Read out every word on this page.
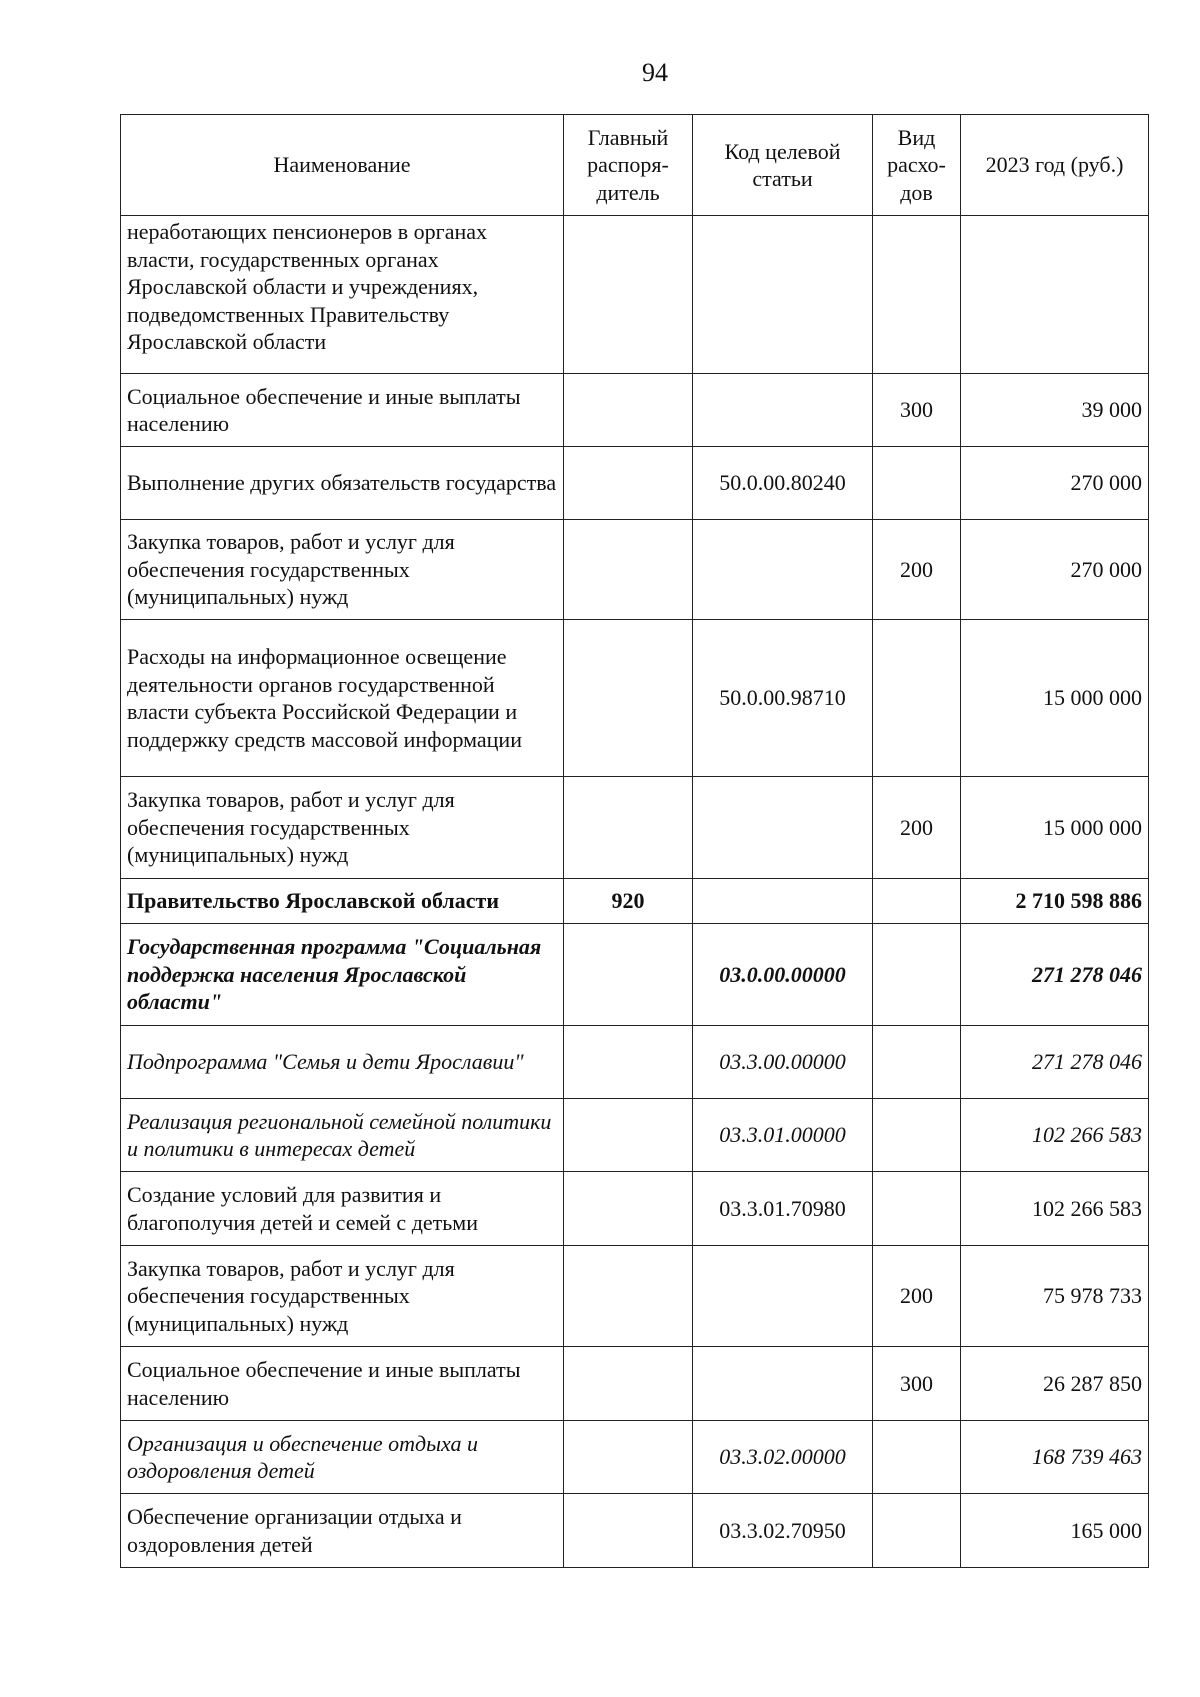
94
Наименование	Главный распоря-дитель	Код целевой статьи	Вид расхо-дов	2023 год (руб.)
неработающих пенсионеров в органах власти, государственных органах Ярославской области и учреждениях, подведомственных Правительству Ярославской области				
Социальное обеспечение и иные выплаты населению			300	39 000
Выполнение других обязательств государства		50.0.00.80240		270 000
Закупка товаров, работ и услуг для обеспечения государственных (муниципальных) нужд			200	270 000
Расходы на информационное освещение деятельности органов государственной власти субъекта Российской Федерации и поддержку средств массовой информации		50.0.00.98710		15 000 000
Закупка товаров, работ и услуг для обеспечения государственных (муниципальных) нужд			200	15 000 000
Правительство Ярославской области	920			2 710 598 886
Государственная программа "Социальная поддержка населения Ярославской области"		03.0.00.00000		271 278 046
Подпрограмма "Семья и дети Ярославии"		03.3.00.00000		271 278 046
Реализация региональной семейной политики и политики в интересах детей		03.3.01.00000		102 266 583
Создание условий для развития и благополучия детей и семей с детьми		03.3.01.70980		102 266 583
Закупка товаров, работ и услуг для обеспечения государственных (муниципальных) нужд			200	75 978 733
Социальное обеспечение и иные выплаты населению			300	26 287 850
Организация и обеспечение отдыха и оздоровления детей		03.3.02.00000		168 739 463
Обеспечение организации отдыха и оздоровления детей		03.3.02.70950		165 000
